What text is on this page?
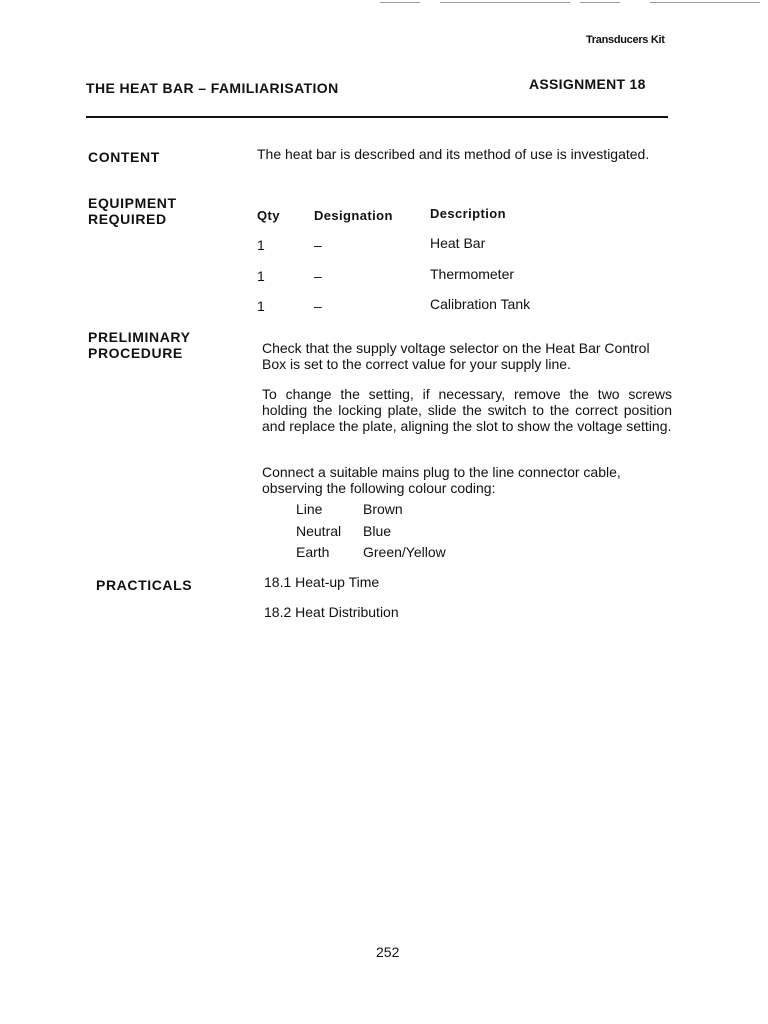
Transducers Kit
THE HEAT BAR – FAMILIARISATION	ASSIGNMENT 18
CONTENT	The heat bar is described and its method of use is investigated.
EQUIPMENT
REQUIRED	Qty	Designation	Description
1	–	Heat Bar
1	–	Thermometer
1	–	Calibration Tank
PRELIMINARY
PROCEDURE	Check that the supply voltage selector on the Heat Bar Control Box is set to the correct value for your supply line.
To change the setting, if necessary, remove the two screws holding the locking plate, slide the switch to the correct position and replace the plate, aligning the slot to show the voltage setting.
Connect a suitable mains plug to the line connector cable, observing the following colour coding:
Line	Brown
Neutral Blue
Earth Green/Yellow
PRACTICALS	18.1 Heat-up Time
18.2 Heat Distribution
252
